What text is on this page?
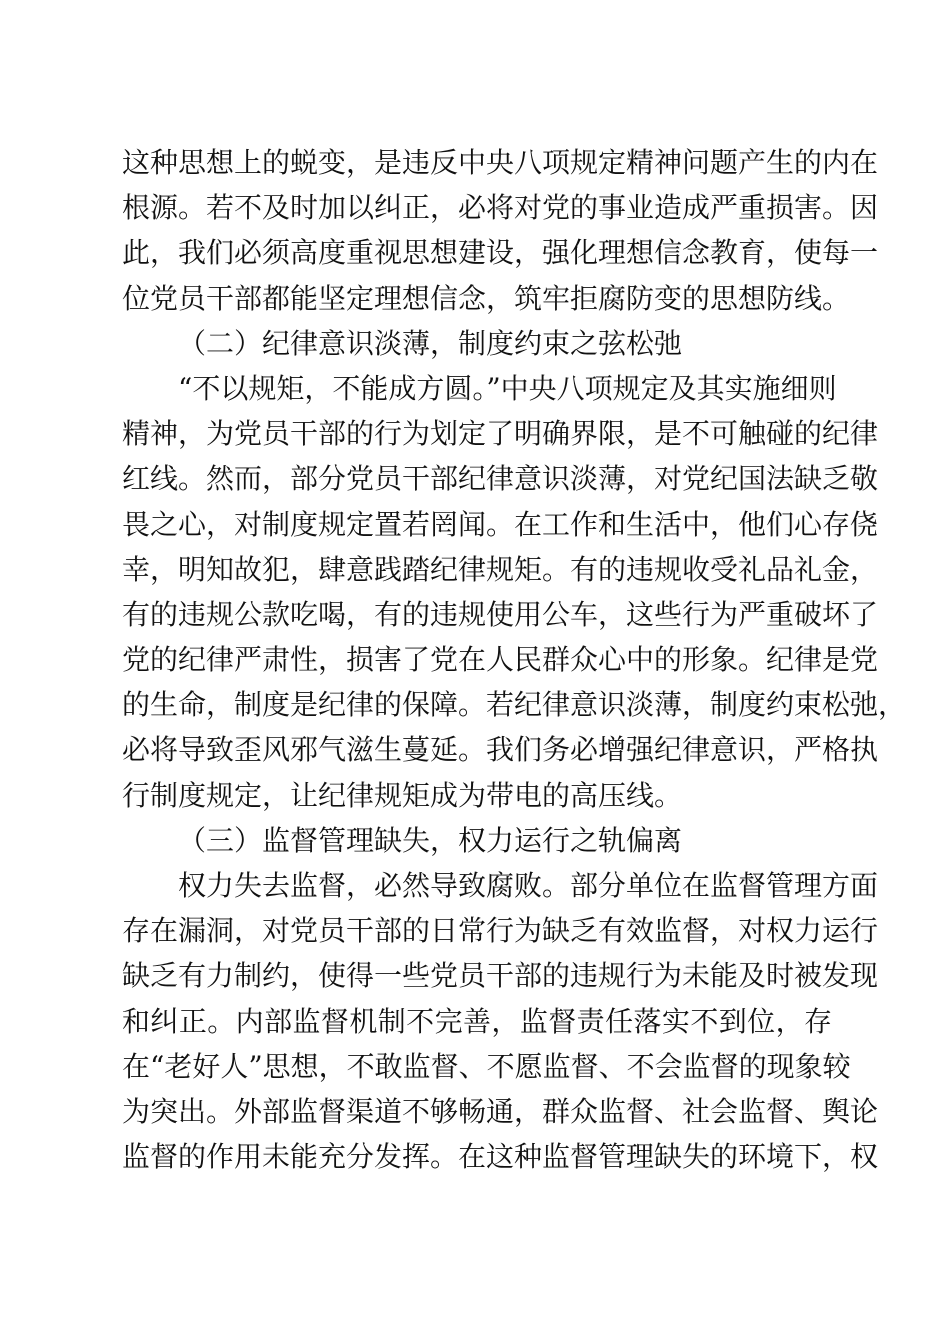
这种思想上的蜕变，是违反中央八项规定精神问题产生的内在
根源。若不及时加以纠正，必将对党的事业造成严重损害。因
此，我们必须高度重视思想建设，强化理想信念教育，使每一
位党员干部都能坚定理想信念，筑牢拒腐防变的思想防线。
（二）纪律意识淡薄，制度约束之弦松弛
“不以规矩，不能成方圆。”中央八项规定及其实施细则
精神，为党员干部的行为划定了明确界限，是不可触碰的纪律
红线。然而，部分党员干部纪律意识淡薄，对党纪国法缺乏敬
畏之心，对制度规定置若罔闻。在工作和生活中，他们心存侥
幸，明知故犯，肆意践踏纪律规矩。有的违规收受礼品礼金，
有的违规公款吃喝，有的违规使用公车，这些行为严重破坏了
党的纪律严肃性，损害了党在人民群众心中的形象。纪律是党
的生命，制度是纪律的保障。若纪律意识淡薄，制度约束松弛，
必将导致歪风邪气滋生蔓延。我们务必增强纪律意识，严格执
行制度规定，让纪律规矩成为带电的高压线。
（三）监督管理缺失，权力运行之轨偏离
权力失去监督，必然导致腐败。部分单位在监督管理方面
存在漏洞，对党员干部的日常行为缺乏有效监督，对权力运行
缺乏有力制约，使得一些党员干部的违规行为未能及时被发现
和纠正。内部监督机制不完善，监督责任落实不到位，存
在“老好人”思想，不敢监督、不愿监督、不会监督的现象较
为突出。外部监督渠道不够畅通，群众监督、社会监督、舆论
监督的作用未能充分发挥。在这种监督管理缺失的环境下，权
